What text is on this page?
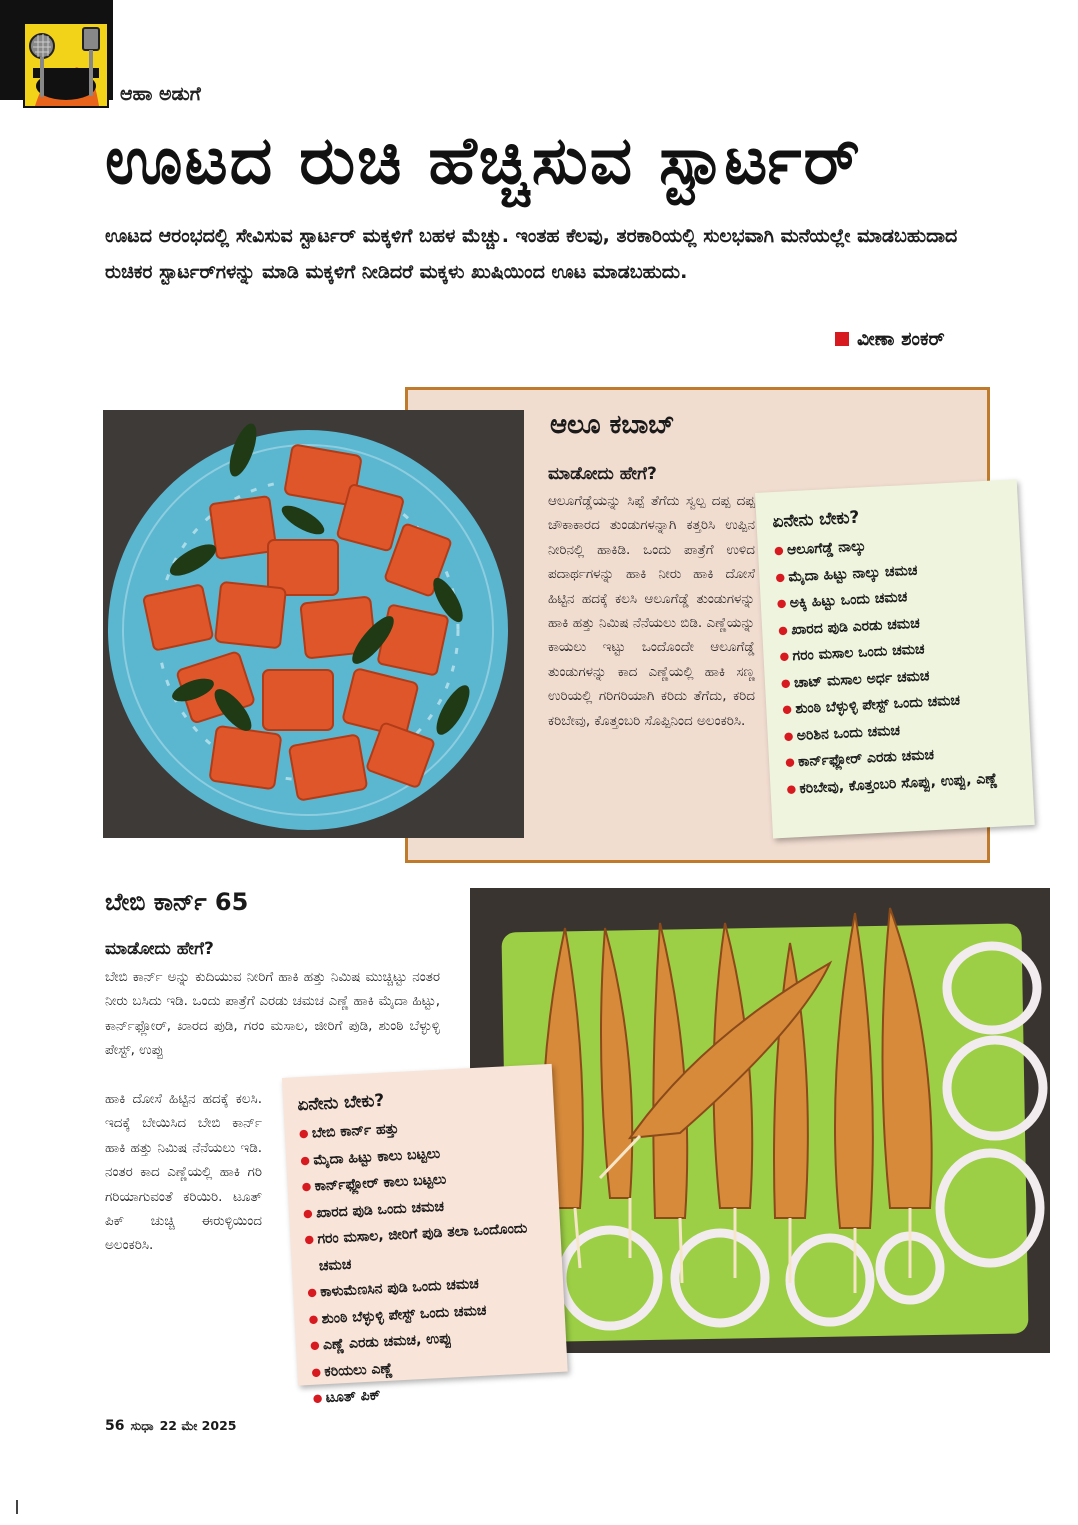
ಆಹಾ ಅಡುಗೆ
ಊಟದ ರುಚಿ ಹೆಚ್ಚಿಸುವ ಸ್ಟಾರ್ಟರ್

ಊಟದ ಆರಂಭದಲ್ಲಿ ಸೇವಿಸುವ ಸ್ಟಾರ್ಟರ್ ಮಕ್ಕಳಿಗೆ ಬಹಳ ಮೆಚ್ಚು. ಇಂತಹ ಕೆಲವು, ತರಕಾರಿಯಲ್ಲಿ ಸುಲಭವಾಗಿ ಮನೆಯಲ್ಲೇ ಮಾಡಬಹುದಾದ ರುಚಿಕರ ಸ್ಟಾರ್ಟರ್‌ಗಳನ್ನು ಮಾಡಿ ಮಕ್ಕಳಿಗೆ ನೀಡಿದರೆ ಮಕ್ಕಳು ಖುಷಿಯಿಂದ ಊಟ ಮಾಡಬಹುದು.

ವೀಣಾ ಶಂಕರ್
ಆಲೂ ಕಬಾಬ್
ಮಾಡೋದು ಹೇಗೆ?

ಆಲೂಗೆಡ್ಡೆಯನ್ನು ಸಿಪ್ಪೆ ತೆಗೆದು ಸ್ವಲ್ಪ ದಪ್ಪ ದಪ್ಪ ಚೌಕಾಕಾರದ ತುಂಡುಗಳನ್ನಾಗಿ ಕತ್ತರಿಸಿ ಉಪ್ಪಿನ ನೀರಿನಲ್ಲಿ ಹಾಕಿಡಿ. ಒಂದು ಪಾತ್ರೆಗೆ ಉಳಿದ ಪದಾರ್ಥಗಳನ್ನು ಹಾಕಿ ನೀರು ಹಾಕಿ ದೋಸೆ ಹಿಟ್ಟಿನ ಹದಕ್ಕೆ ಕಲಸಿ ಆಲೂಗೆಡ್ಡೆ ತುಂಡುಗಳನ್ನು ಹಾಕಿ ಹತ್ತು ನಿಮಿಷ ನೆನೆಯಲು ಬಿಡಿ. ಎಣ್ಣೆಯನ್ನು ಕಾಯಲು ಇಟ್ಟು ಒಂದೊಂದೇ ಆಲೂಗೆಡ್ಡೆ ತುಂಡುಗಳನ್ನು ಕಾದ ಎಣ್ಣೆಯಲ್ಲಿ ಹಾಕಿ ಸಣ್ಣ ಉರಿಯಲ್ಲಿ ಗರಿಗರಿಯಾಗಿ ಕರಿದು ತೆಗೆದು, ಕರಿದ ಕರಿಬೇವು, ಕೊತ್ತಂಬರಿ ಸೊಪ್ಪಿನಿಂದ ಅಲಂಕರಿಸಿ.

ಏನೇನು ಬೇಕು?
● ಆಲೂಗೆಡ್ಡೆ ನಾಲ್ಕು
● ಮೈದಾ ಹಿಟ್ಟು ನಾಲ್ಕು ಚಮಚ
● ಅಕ್ಕಿ ಹಿಟ್ಟು ಒಂದು ಚಮಚ
● ಖಾರದ ಪುಡಿ ಎರಡು ಚಮಚ
● ಗರಂ ಮಸಾಲ ಒಂದು ಚಮಚ
● ಚಾಟ್ ಮಸಾಲ ಅರ್ಧ ಚಮಚ
● ಶುಂಠಿ ಬೆಳ್ಳುಳ್ಳಿ ಪೇಸ್ಟ್ ಒಂದು ಚಮಚ
● ಅರಿಶಿನ ಒಂದು ಚಮಚ
● ಕಾರ್ನ್‌ಫ್ಲೋರ್ ಎರಡು ಚಮಚ
● ಕರಿಬೇವು, ಕೊತ್ತಂಬರಿ ಸೊಪ್ಪು, ಉಪ್ಪು, ಎಣ್ಣೆ
ಬೇಬಿ ಕಾರ್ನ್ 65
ಮಾಡೋದು ಹೇಗೆ?

ಬೇಬಿ ಕಾರ್ನ್ ಅನ್ನು ಕುದಿಯುವ ನೀರಿಗೆ ಹಾಕಿ ಹತ್ತು ನಿಮಿಷ ಮುಚ್ಚಿಟ್ಟು ನಂತರ ನೀರು ಬಸಿದು ಇಡಿ. ಒಂದು ಪಾತ್ರೆಗೆ ಎರಡು ಚಮಚ ಎಣ್ಣೆ ಹಾಕಿ ಮೈದಾ ಹಿಟ್ಟು, ಕಾರ್ನ್‌ಫ್ಲೋರ್, ಖಾರದ ಪುಡಿ, ಗರಂ ಮಸಾಲ, ಜೀರಿಗೆ ಪುಡಿ, ಶುಂಠಿ ಬೆಳ್ಳುಳ್ಳಿ ಪೇಸ್ಟ್, ಉಪ್ಪು

ಹಾಕಿ ದೋಸೆ ಹಿಟ್ಟಿನ ಹದಕ್ಕೆ ಕಲಸಿ. ಇದಕ್ಕೆ ಬೇಯಿಸಿದ ಬೇಬಿ ಕಾರ್ನ್ ಹಾಕಿ ಹತ್ತು ನಿಮಿಷ ನೆನೆಯಲು ಇಡಿ. ನಂತರ ಕಾದ ಎಣ್ಣೆಯಲ್ಲಿ ಹಾಕಿ ಗರಿ ಗರಿಯಾಗುವಂತೆ ಕರಿಯಿರಿ. ಟೂತ್ ಪಿಕ್ ಚುಚ್ಚಿ ಈರುಳ್ಳಿಯಿಂದ ಅಲಂಕರಿಸಿ.

ಏನೇನು ಬೇಕು?
● ಬೇಬಿ ಕಾರ್ನ್ ಹತ್ತು
● ಮೈದಾ ಹಿಟ್ಟು ಕಾಲು ಬಟ್ಟಲು
● ಕಾರ್ನ್‌ಫ್ಲೋರ್ ಕಾಲು ಬಟ್ಟಲು
● ಖಾರದ ಪುಡಿ ಒಂದು ಚಮಚ
● ಗರಂ ಮಸಾಲ, ಜೀರಿಗೆ ಪುಡಿ ತಲಾ ಒಂದೊಂದು ಚಮಚ
● ಕಾಳುಮೆಣಸಿನ ಪುಡಿ ಒಂದು ಚಮಚ
● ಶುಂಠಿ ಬೆಳ್ಳುಳ್ಳಿ ಪೇಸ್ಟ್ ಒಂದು ಚಮಚ
● ಎಣ್ಣೆ ಎರಡು ಚಮಚ, ಉಪ್ಪು
● ಕರಿಯಲು ಎಣ್ಣೆ
● ಟೂತ್ ಪಿಕ್
56 ಸುಧಾ 22 ಮೇ 2025
